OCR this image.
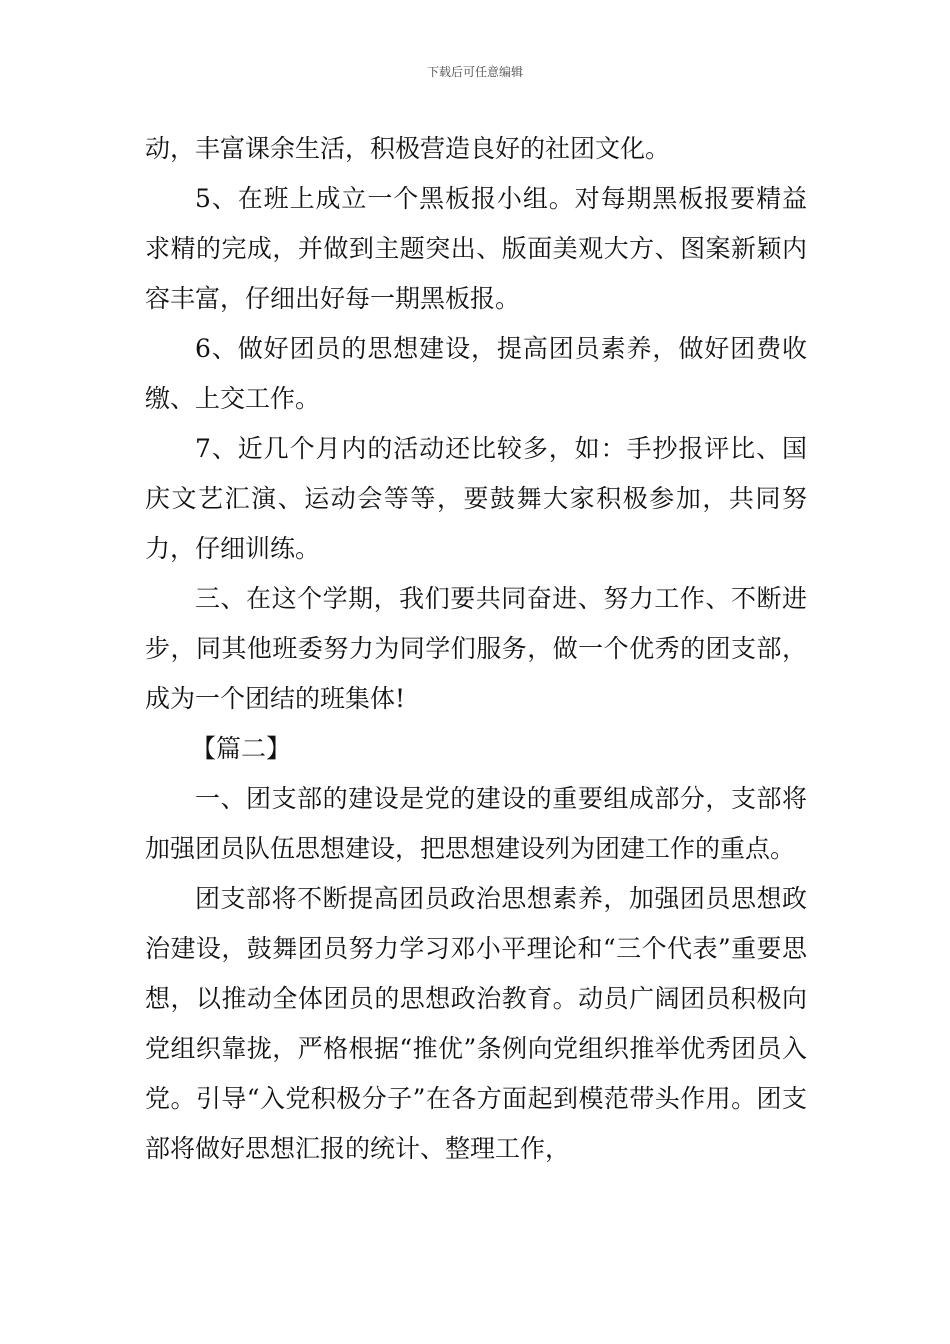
下载后可任意编辑

动，丰富课余生活，积极营造良好的社团文化。

5、在班上成立一个黑板报小组。对每期黑板报要精益求精的完成，并做到主题突出、版面美观大方、图案新颖内容丰富，仔细出好每一期黑板报。

6、做好团员的思想建设，提高团员素养，做好团费收缴、上交工作。

7、近几个月内的活动还比较多，如：手抄报评比、国庆文艺汇演、运动会等等，要鼓舞大家积极参加，共同努力，仔细训练。

三、在这个学期，我们要共同奋进、努力工作、不断进步，同其他班委努力为同学们服务，做一个优秀的团支部，成为一个团结的班集体!

【篇二】

一、团支部的建设是党的建设的重要组成部分，支部将加强团员队伍思想建设，把思想建设列为团建工作的重点。

团支部将不断提高团员政治思想素养，加强团员思想政治建设，鼓舞团员努力学习邓小平理论和“三个代表”重要思想，以推动全体团员的思想政治教育。动员广阔团员积极向党组织靠拢，严格根据“推优”条例向党组织推举优秀团员入党。引导“入党积极分子”在各方面起到模范带头作用。团支部将做好思想汇报的统计、整理工作，
